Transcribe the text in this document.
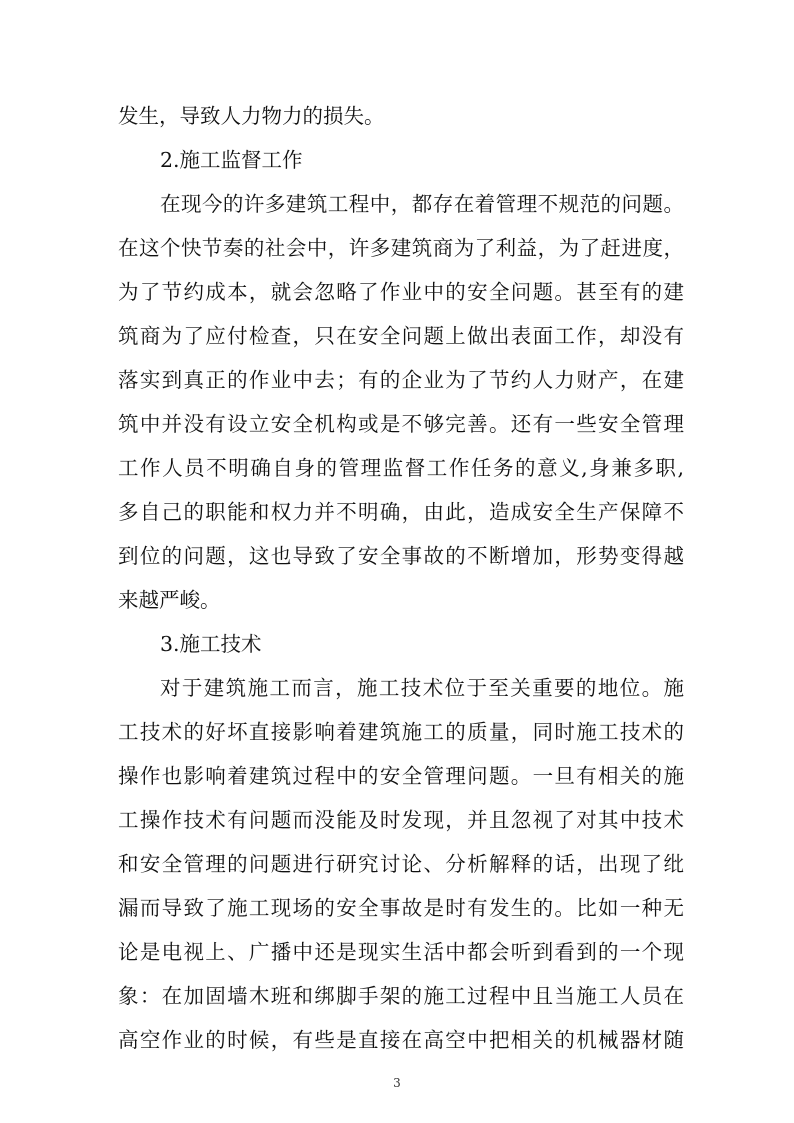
发生，导致人力物力的损失。
2.施工监督工作
在现今的许多建筑工程中，都存在着管理不规范的问题。
在这个快节奏的社会中，许多建筑商为了利益，为了赶进度，
为了节约成本，就会忽略了作业中的安全问题。甚至有的建
筑商为了应付检查，只在安全问题上做出表面工作，却没有
落实到真正的作业中去；有的企业为了节约人力财产，在建
筑中并没有设立安全机构或是不够完善。还有一些安全管理
工作人员不明确自身的管理监督工作任务的意义,身兼多职,
多自己的职能和权力并不明确，由此，造成安全生产保障不
到位的问题，这也导致了安全事故的不断增加，形势变得越
来越严峻。
3.施工技术
对于建筑施工而言，施工技术位于至关重要的地位。施
工技术的好坏直接影响着建筑施工的质量，同时施工技术的
操作也影响着建筑过程中的安全管理问题。一旦有相关的施
工操作技术有问题而没能及时发现，并且忽视了对其中技术
和安全管理的问题进行研究讨论、分析解释的话，出现了纰
漏而导致了施工现场的安全事故是时有发生的。比如一种无
论是电视上、广播中还是现实生活中都会听到看到的一个现
象：在加固墙木班和绑脚手架的施工过程中且当施工人员在
高空作业的时候，有些是直接在高空中把相关的机械器材随
3
